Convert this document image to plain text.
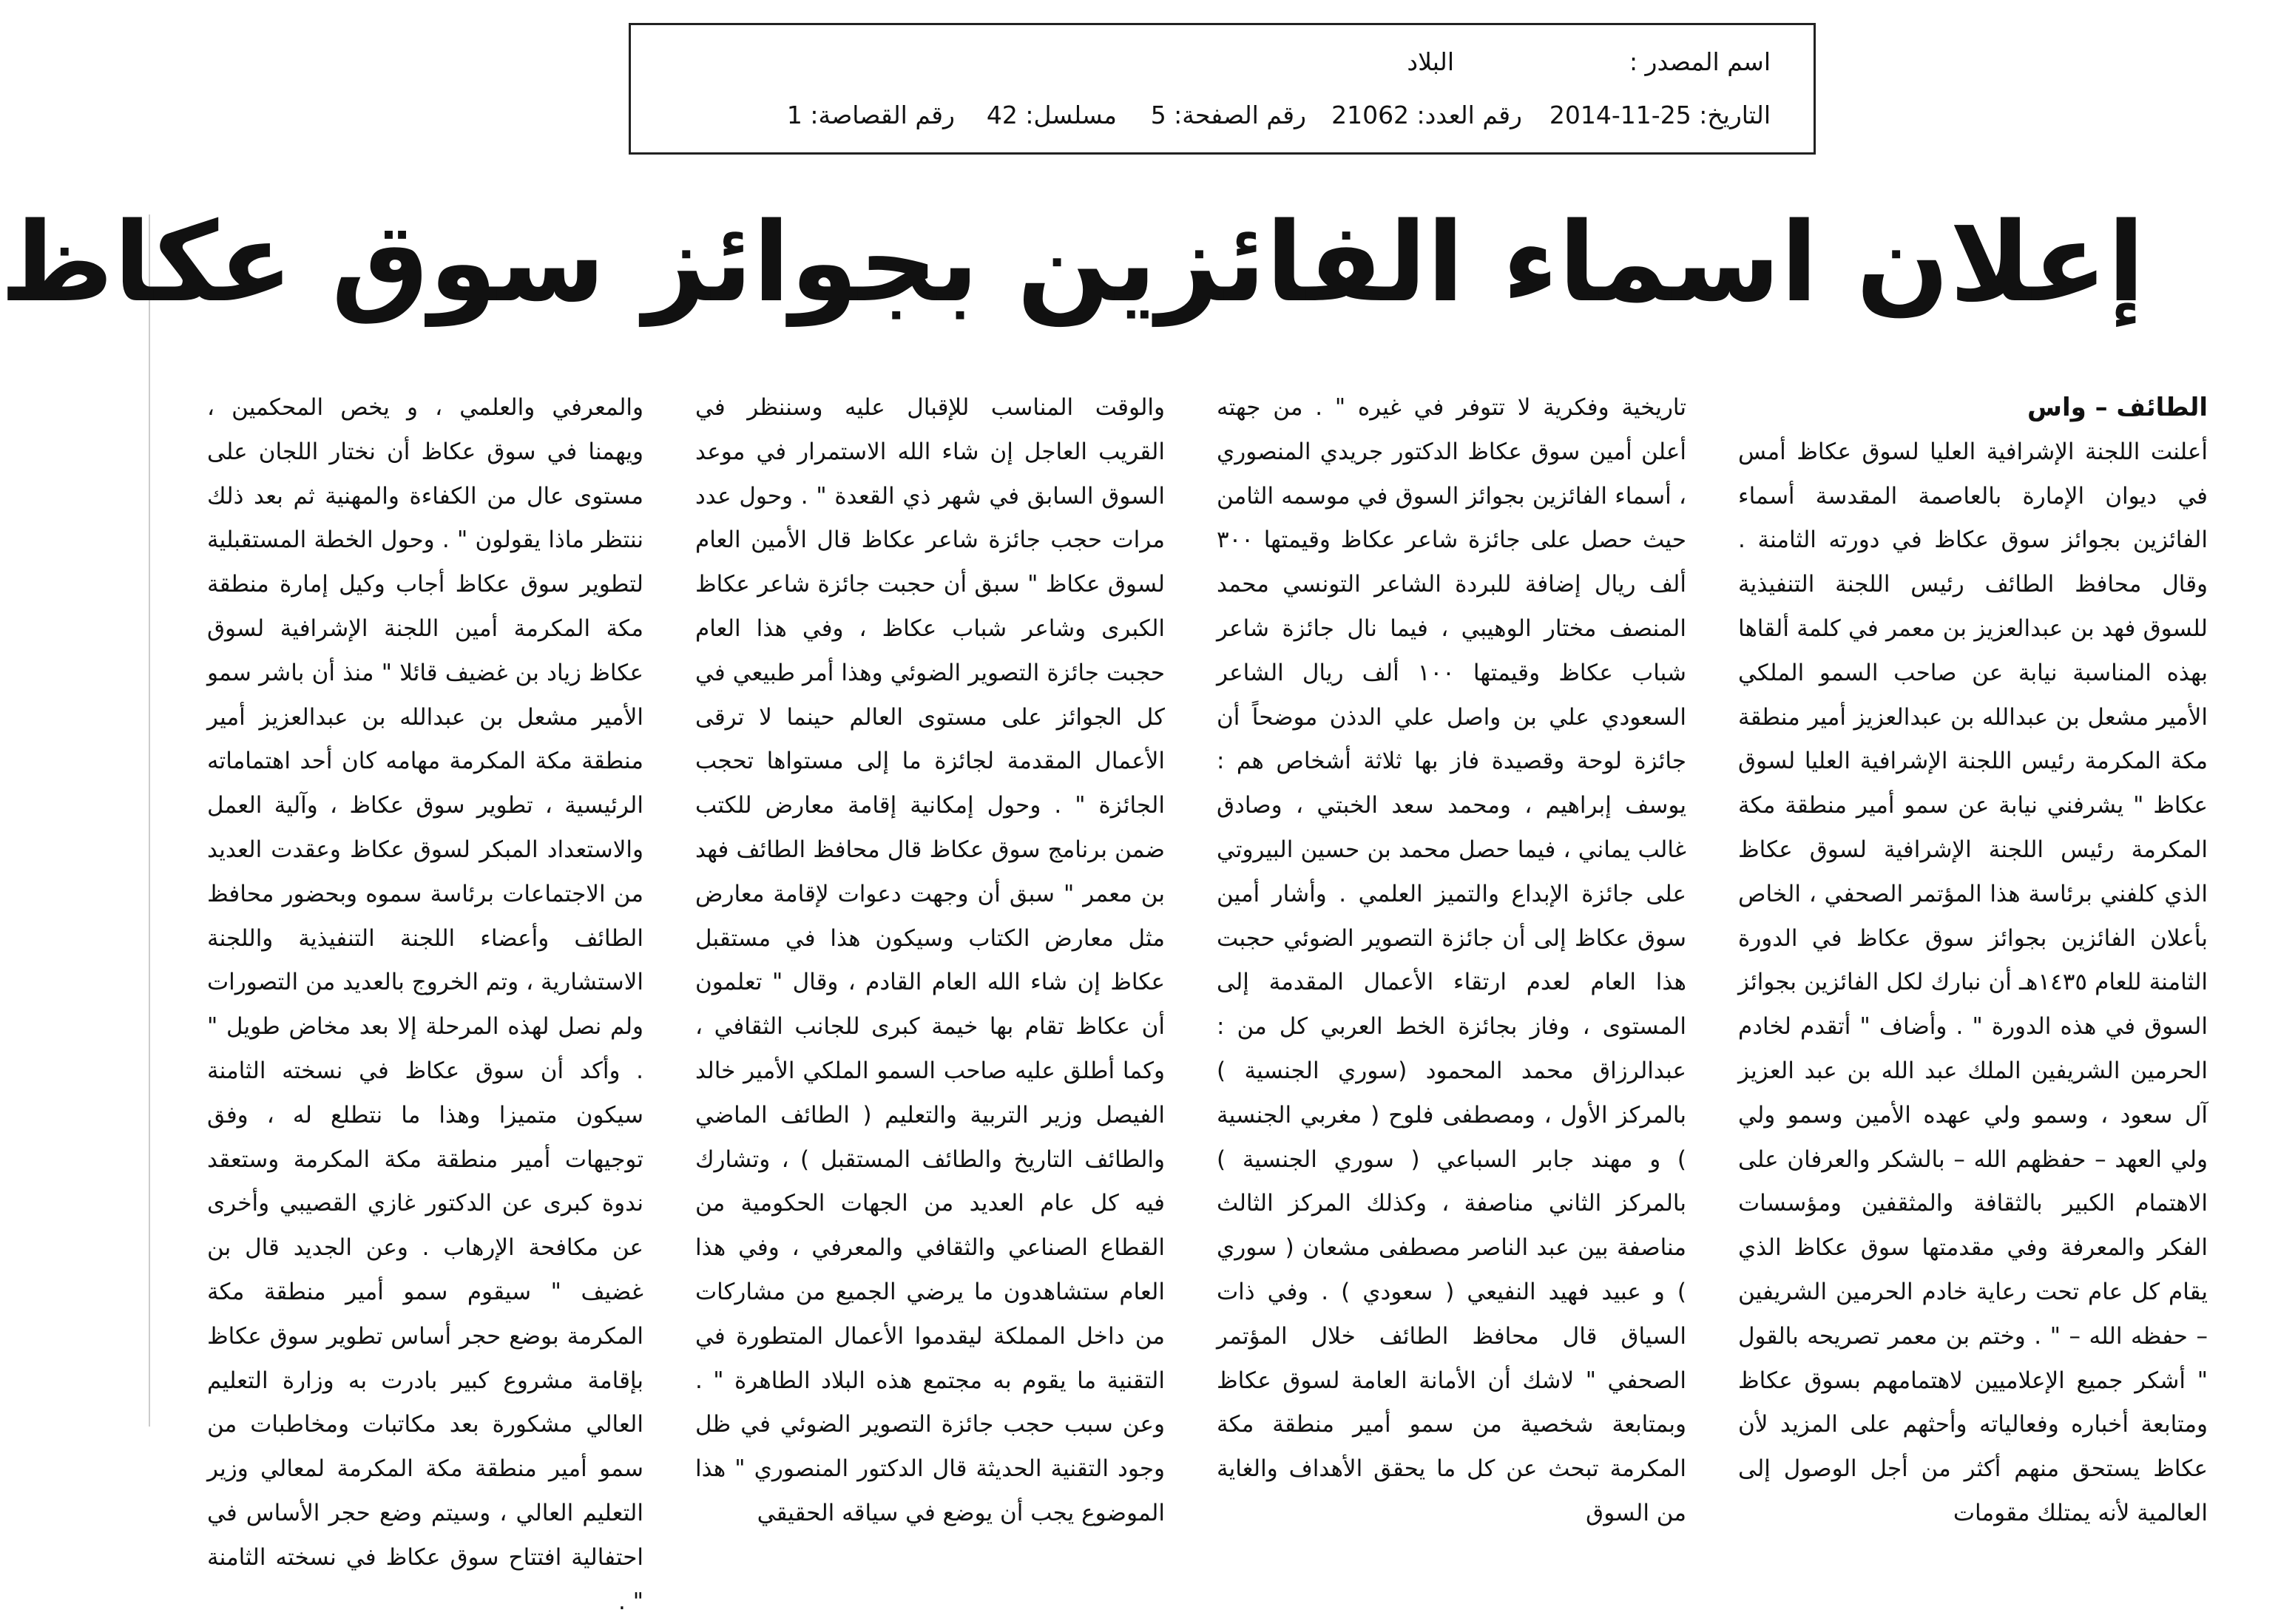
اسم المصدر :
البلاد
التاريخ: 25-11-2014
رقم العدد: 21062
رقم الصفحة: 5
مسلسل: 42
رقم القصاصة: 1
إعلان اسماء الفائزين بجوائز سوق عكاظ
الطائف – واس

أعلنت اللجنة الإشرافية العليا لسوق عكاظ أمس في ديوان الإمارة بالعاصمة المقدسة أسماء الفائزين بجوائز سوق عكاظ في دورته الثامنة . وقال محافظ الطائف رئيس اللجنة التنفيذية للسوق فهد بن عبدالعزيز بن معمر في كلمة ألقاها بهذه المناسبة نيابة عن صاحب السمو الملكي الأمير مشعل بن عبدالله بن عبدالعزيز أمير منطقة مكة المكرمة رئيس اللجنة الإشرافية العليا لسوق عكاظ " يشرفني نيابة عن سمو أمير منطقة مكة المكرمة رئيس اللجنة الإشرافية لسوق عكاظ الذي كلفني برئاسة هذا المؤتمر الصحفي ، الخاص بأعلان الفائزين بجوائز سوق عكاظ في الدورة الثامنة للعام ١٤٣٥هـ أن نبارك لكل الفائزين بجوائز السوق في هذه الدورة " . وأضاف " أتقدم لخادم الحرمين الشريفين الملك عبد الله بن عبد العزيز آل سعود ، وسمو ولي عهده الأمين وسمو ولي ولي العهد – حفظهم الله – بالشكر والعرفان على الاهتمام الكبير بالثقافة والمثقفين ومؤسسات الفكر والمعرفة وفي مقدمتها سوق عكاظ الذي يقام كل عام تحت رعاية خادم الحرمين الشريفين – حفظه الله – " . وختم بن معمر تصريحه بالقول " أشكر جميع الإعلاميين لاهتمامهم بسوق عكاظ ومتابعة أخباره وفعالياته وأحثهم على المزيد لأن عكاظ يستحق منهم أكثر من أجل الوصول إلى العالمية لأنه يمتلك مقومات

تاريخية وفكرية لا تتوفر في غيره " . من جهته أعلن أمين سوق عكاظ الدكتور جريدي المنصوري ، أسماء الفائزين بجوائز السوق في موسمه الثامن حيث حصل على جائزة شاعر عكاظ وقيمتها ٣٠٠ ألف ريال إضافة للبردة الشاعر التونسي محمد المنصف مختار الوهيبي ، فيما نال جائزة شاعر شباب عكاظ وقيمتها ١٠٠ ألف ريال الشاعر السعودي علي بن واصل علي الدذن موضحاً أن جائزة لوحة وقصيدة فاز بها ثلاثة أشخاص هم : يوسف إبراهيم ، ومحمد سعد الخبتي ، وصادق غالب يماني ، فيما حصل محمد بن حسين البيروتي على جائزة الإبداع والتميز العلمي . وأشار أمين سوق عكاظ إلى أن جائزة التصوير الضوئي حجبت هذا العام لعدم ارتقاء الأعمال المقدمة إلى المستوى ، وفاز بجائزة الخط العربي كل من : عبدالرزاق محمد المحمود (سوري الجنسية ) بالمركز الأول ، ومصطفى فلوح ( مغربي الجنسية ) و مهند جابر السباعي ( سوري الجنسية ) بالمركز الثاني مناصفة ، وكذلك المركز الثالث مناصفة بين عبد الناصر مصطفى مشعان ( سوري ) و عبيد فهيد النفيعي ( سعودي ) . وفي ذات السياق قال محافظ الطائف خلال المؤتمر الصحفي " لاشك أن الأمانة العامة لسوق عكاظ وبمتابعة شخصية من سمو أمير منطقة مكة المكرمة تبحث عن كل ما يحقق الأهداف والغاية من السوق

والوقت المناسب للإقبال عليه وسننظر في القريب العاجل إن شاء الله الاستمرار في موعد السوق السابق في شهر ذي القعدة " . وحول عدد مرات حجب جائزة شاعر عكاظ قال الأمين العام لسوق عكاظ " سبق أن حجبت جائزة شاعر عكاظ الكبرى وشاعر شباب عكاظ ، وفي هذا العام حجبت جائزة التصوير الضوئي وهذا أمر طبيعي في كل الجوائز على مستوى العالم حينما لا ترقى الأعمال المقدمة لجائزة ما إلى مستواها تحجب الجائزة " . وحول إمكانية إقامة معارض للكتب ضمن برنامج سوق عكاظ قال محافظ الطائف فهد بن معمر " سبق أن وجهت دعوات لإقامة معارض مثل معارض الكتاب وسيكون هذا في مستقبل عكاظ إن شاء الله العام القادم ، وقال " تعلمون أن عكاظ تقام بها خيمة كبرى للجانب الثقافي ، وكما أطلق عليه صاحب السمو الملكي الأمير خالد الفيصل وزير التربية والتعليم ( الطائف الماضي والطائف التاريخ والطائف المستقبل ) ، وتشارك فيه كل عام العديد من الجهات الحكومية من القطاع الصناعي والثقافي والمعرفي ، وفي هذا العام ستشاهدون ما يرضي الجميع من مشاركات من داخل المملكة ليقدموا الأعمال المتطورة في التقنية ما يقوم به مجتمع هذه البلاد الطاهرة " . وعن سبب حجب جائزة التصوير الضوئي في ظل وجود التقنية الحديثة قال الدكتور المنصوري " هذا الموضوع يجب أن يوضع في سياقه الحقيقي

والمعرفي والعلمي ، و يخص المحكمين ، ويهمنا في سوق عكاظ أن نختار اللجان على مستوى عال من الكفاءة والمهنية ثم بعد ذلك ننتظر ماذا يقولون " . وحول الخطة المستقبلية لتطوير سوق عكاظ أجاب وكيل إمارة منطقة مكة المكرمة أمين اللجنة الإشرافية لسوق عكاظ زياد بن غضيف قائلا " منذ أن باشر سمو الأمير مشعل بن عبدالله بن عبدالعزيز أمير منطقة مكة المكرمة مهامه كان أحد اهتماماته الرئيسية ، تطوير سوق عكاظ ، وآلية العمل والاستعداد المبكر لسوق عكاظ وعقدت العديد من الاجتماعات برئاسة سموه وبحضور محافظ الطائف وأعضاء اللجنة التنفيذية واللجنة الاستشارية ، وتم الخروج بالعديد من التصورات ولم نصل لهذه المرحلة إلا بعد مخاض طويل " . وأكد أن سوق عكاظ في نسخته الثامنة سيكون متميزا وهذا ما نتطلع له ، وفق توجيهات أمير منطقة مكة المكرمة وستعقد ندوة كبرى عن الدكتور غازي القصيبي وأخرى عن مكافحة الإرهاب . وعن الجديد قال بن غضيف " سيقوم سمو أمير منطقة مكة المكرمة بوضع حجر أساس تطوير سوق عكاظ بإقامة مشروع كبير بادرت به وزارة التعليم العالي مشكورة بعد مكاتبات ومخاطبات من سمو أمير منطقة مكة المكرمة لمعالي وزير التعليم العالي ، وسيتم وضع حجر الأساس في احتفالية افتتاح سوق عكاظ في نسخته الثامنة " .
